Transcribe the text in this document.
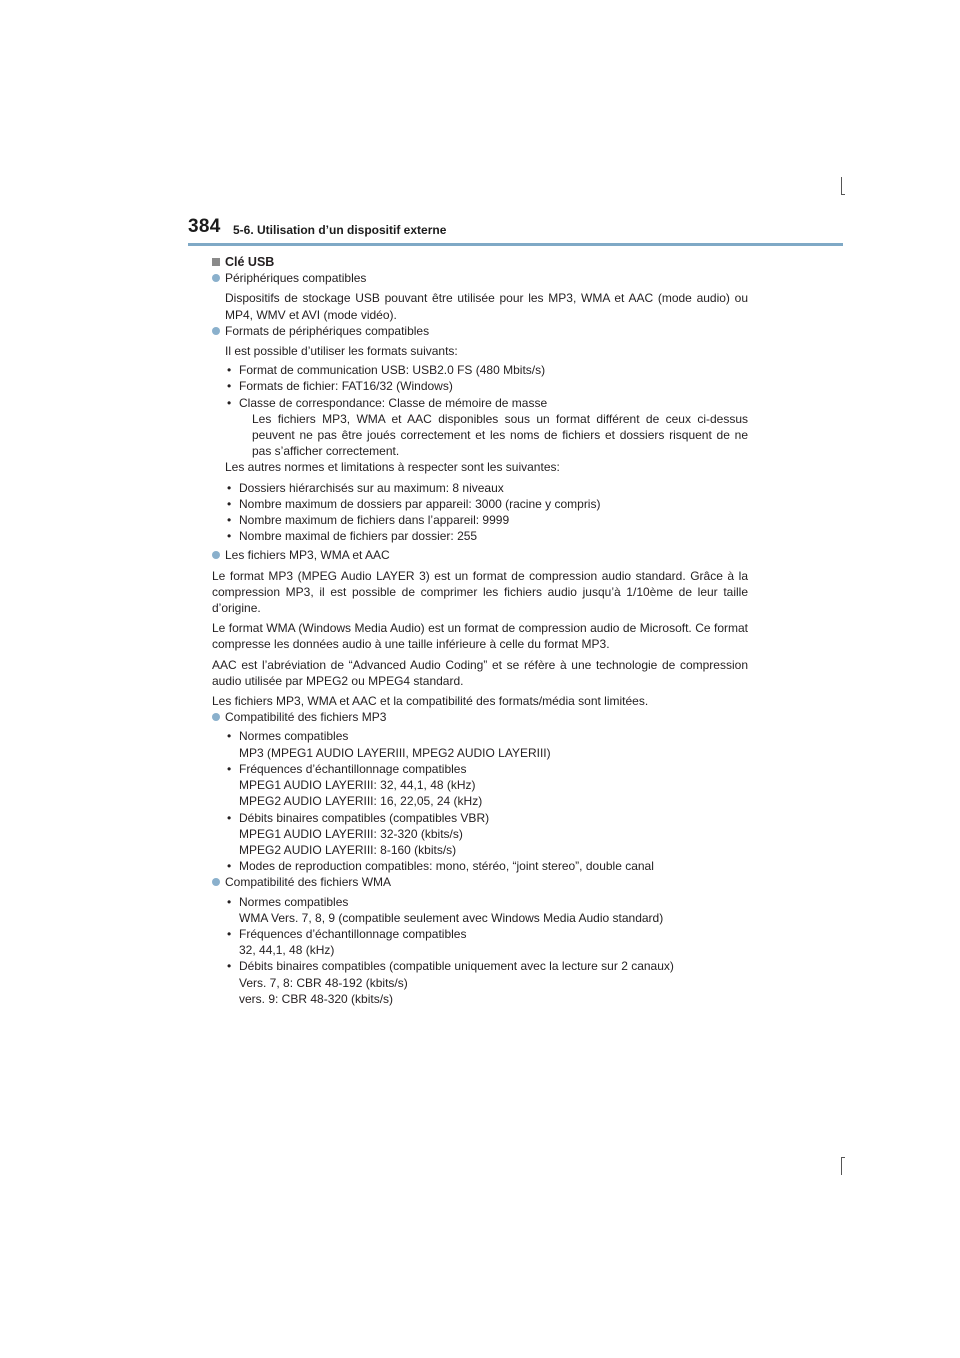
384 5-6. Utilisation d’un dispositif externe

Clé USB

Périphériques compatibles

Dispositifs de stockage USB pouvant être utilisée pour les MP3, WMA et AAC (mode audio) ou MP4, WMV et AVI (mode vidéo).

Formats de périphériques compatibles

Il est possible d’utiliser les formats suivants:

• Format de communication USB: USB2.0 FS (480 Mbits/s)
• Formats de fichier: FAT16/32 (Windows)
• Classe de correspondance: Classe de mémoire de masse

Les fichiers MP3, WMA et AAC disponibles sous un format différent de ceux ci-dessus peuvent ne pas être joués correctement et les noms de fichiers et dossiers risquent de ne pas s’afficher correctement.

Les autres normes et limitations à respecter sont les suivantes:

• Dossiers hiérarchisés sur au maximum: 8 niveaux
• Nombre maximum de dossiers par appareil: 3000 (racine y compris)
• Nombre maximum de fichiers dans l’appareil: 9999
• Nombre maximal de fichiers par dossier: 255

Les fichiers MP3, WMA et AAC

Le format MP3 (MPEG Audio LAYER 3) est un format de compression audio standard. Grâce à la compression MP3, il est possible de comprimer les fichiers audio jusqu’à 1/10ème de leur taille d’origine.

Le format WMA (Windows Media Audio) est un format de compression audio de Microsoft. Ce format compresse les données audio à une taille inférieure à celle du format MP3.

AAC est l’abréviation de “Advanced Audio Coding” et se réfère à une technologie de compression audio utilisée par MPEG2 ou MPEG4 standard.

Les fichiers MP3, WMA et AAC et la compatibilité des formats/média sont limitées.

Compatibilité des fichiers MP3

• Normes compatibles
MP3 (MPEG1 AUDIO LAYERIII, MPEG2 AUDIO LAYERIII)
• Fréquences d’échantillonnage compatibles
MPEG1 AUDIO LAYERIII: 32, 44,1, 48 (kHz)
MPEG2 AUDIO LAYERIII: 16, 22,05, 24 (kHz)
• Débits binaires compatibles (compatibles VBR)
MPEG1 AUDIO LAYERIII: 32-320 (kbits/s)
MPEG2 AUDIO LAYERIII: 8-160 (kbits/s)
• Modes de reproduction compatibles: mono, stéréo, “joint stereo”, double canal

Compatibilité des fichiers WMA

• Normes compatibles
WMA Vers. 7, 8, 9 (compatible seulement avec Windows Media Audio standard)
• Fréquences d’échantillonnage compatibles
32, 44,1, 48 (kHz)
• Débits binaires compatibles (compatible uniquement avec la lecture sur 2 canaux)
Vers. 7, 8: CBR 48-192 (kbits/s)
vers. 9: CBR 48-320 (kbits/s)
